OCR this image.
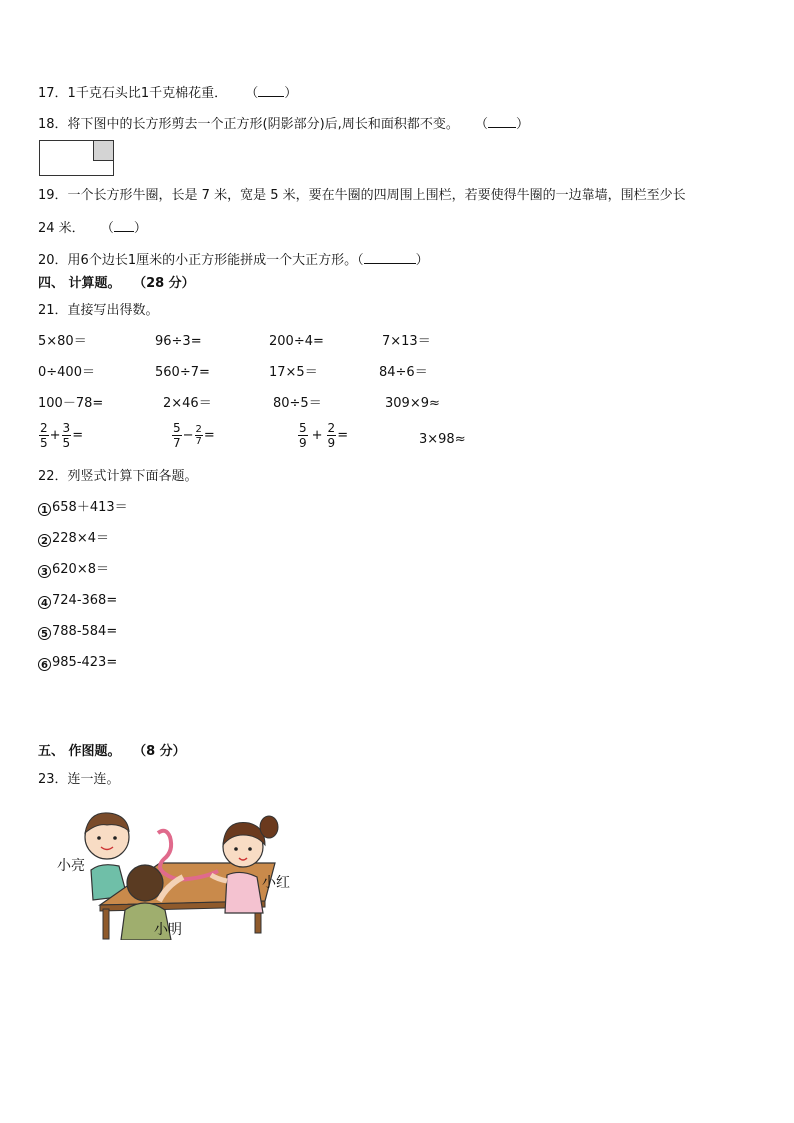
17．1千克石头比1千克棉花重． （ ）
18．将下图中的长方形剪去一个正方形(阴影部分)后,周长和面积都不变。 （ ）
19．一个长方形牛圈，长是 7 米，宽是 5 米，要在牛圈的四周围上围栏，若要使得牛圈的一边靠墙，围栏至少长
24 米． （ ）
20．用6个边长1厘米的小正方形能拼成一个大正方形。（	）
四、 计算题。 （28 分）
21．直接写出得数。
5×80＝	96÷3=	200÷4=	7×13＝
0÷400＝	560÷7=	17×5＝	84÷6＝
100－78=	2×46＝	80÷5＝	309×9≈
$\frac{2}{5} + \frac{3}{5}$ =	$\frac{5}{7} - \frac{2}{7}$ =	$\frac{5}{9} + \frac{2}{9}$ =	3×98≈
22．列竖式计算下面各题。
1 658＋413＝
2 228×4＝
3 620×8＝
4 724-368=
5 788-584=
6 985-423=
五、 作图题。 （8 分）
23．连一连。
小亮
小红
小明
